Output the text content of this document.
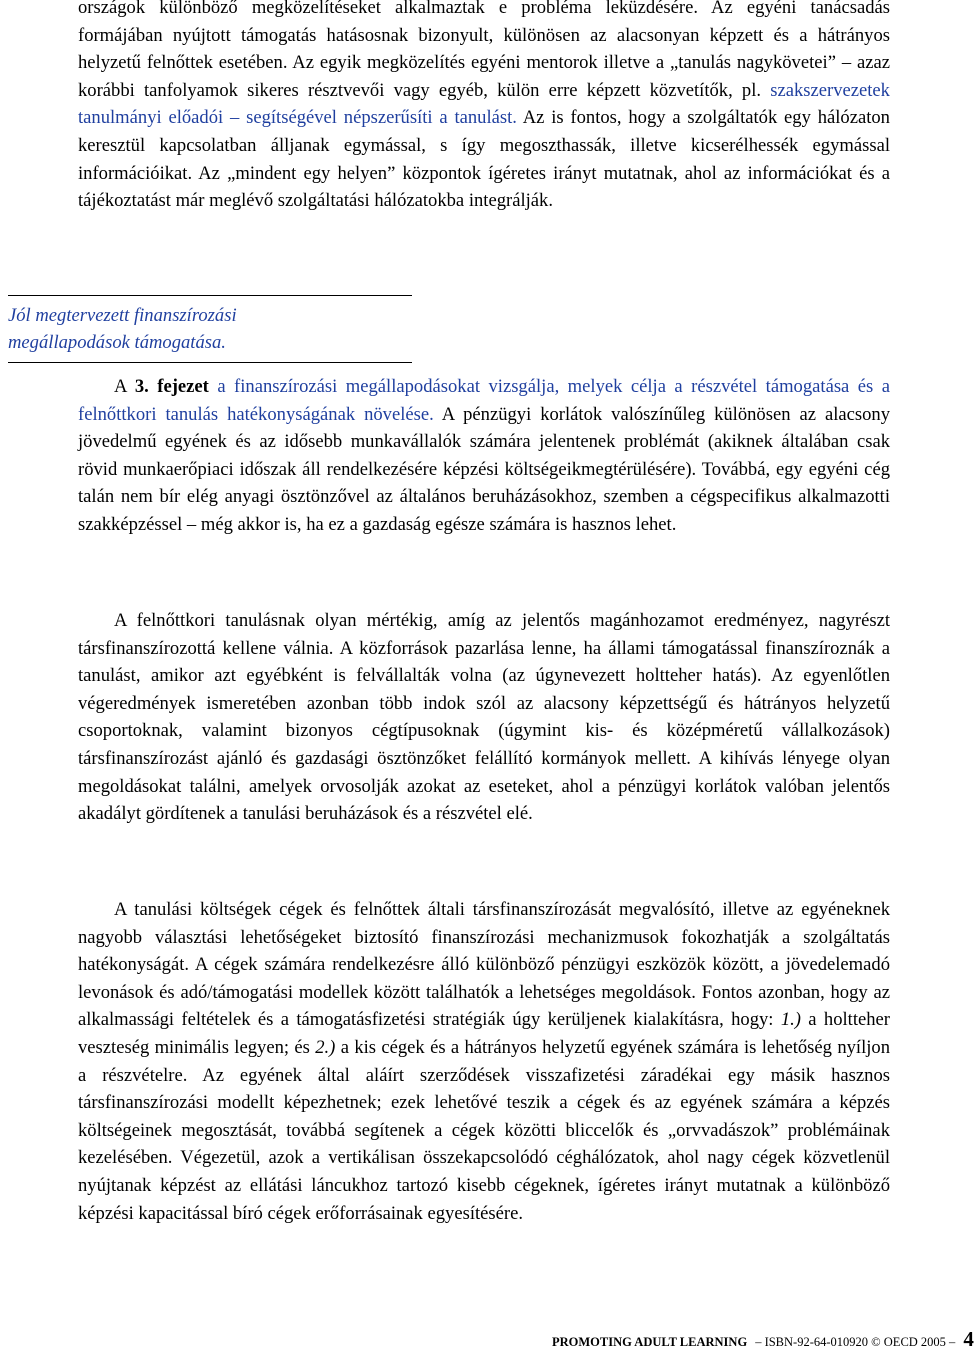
országok különböző megközelítéseket alkalmaztak e probléma leküzdésére. Az egyéni tanácsadás formájában nyújtott támogatás hatásosnak bizonyult, különösen az alacsonyan képzett és a hátrányos helyzetű felnőttek esetében. Az egyik megközelítés egyéni mentorok illetve a „tanulás nagykövetei” – azaz korábbi tanfolyamok sikeres résztvevői vagy egyéb, külön erre képzett közvetítők, pl. szakszervezetek tanulmányi előadói – segítségével népszerűsíti a tanulást. Az is fontos, hogy a szolgáltatók egy hálózaton keresztül kapcsolatban álljanak egymással, s így megoszthassák, illetve kicserélhessék egymással információikat. Az „mindent egy helyen” központok ígéretes irányt mutatnak, ahol az információkat és a tájékoztatást már meglévő szolgáltatási hálózatokba integrálják.

Jól megtervezett finanszírozási megállapodások támogatása.

A 3. fejezet a finanszírozási megállapodásokat vizsgálja, melyek célja a részvétel támogatása és a felnőttkori tanulás hatékonyságának növelése. A pénzügyi korlátok valószínűleg különösen az alacsony jövedelmű egyének és az idősebb munkavállalók számára jelentenek problémát (akiknek általában csak rövid munkaerőpiaci időszak áll rendelkezésére képzési költségeikmegtérülésére). Továbbá, egy egyéni cég talán nem bír elég anyagi ösztönzővel az általános beruházásokhoz, szemben a cégspecifikus alkalmazotti szakképzéssel – még akkor is, ha ez a gazdaság egésze számára is hasznos lehet.

A felnőttkori tanulásnak olyan mértékig, amíg az jelentős magánhozamot eredményez, nagyrészt társfinanszírozottá kellene válnia. A közforrások pazarlása lenne, ha állami támogatással finanszíroznák a tanulást, amikor azt egyébként is felvállalták volna (az úgynevezett holtteher hatás). Az egyenlőtlen végeredmények ismeretében azonban több indok szól az alacsony képzettségű és hátrányos helyzetű csoportoknak, valamint bizonyos cégtípusoknak (úgymint kis- és középméretű vállalkozások) társfinanszírozást ajánló és gazdasági ösztönzőket felállító kormányok mellett. A kihívás lényege olyan megoldásokat találni, amelyek orvosolják azokat az eseteket, ahol a pénzügyi korlátok valóban jelentős akadályt gördítenek a tanulási beruházások és a részvétel elé.

A tanulási költségek cégek és felnőttek általi társfinanszírozását megvalósító, illetve az egyéneknek nagyobb választási lehetőségeket biztosító finanszírozási mechanizmusok fokozhatják a szolgáltatás hatékonyságát. A cégek számára rendelkezésre álló különböző pénzügyi eszközök között, a jövedelemadó levonások és adó/támogatási modellek között találhatók a lehetséges megoldások. Fontos azonban, hogy az alkalmassági feltételek és a támogatásfizetési stratégiák úgy kerüljenek kialakításra, hogy: 1.) a holtteher veszteség minimális legyen; és 2.) a kis cégek és a hátrányos helyzetű egyének számára is lehetőség nyíljon a részvételre. Az egyének által aláírt szerződések visszafizetési záradékai egy másik hasznos társfinanszírozási modellt képezhetnek; ezek lehetővé teszik a cégek és az egyének számára a képzés költségeinek megosztását, továbbá segítenek a cégek közötti bliccelők és „orvvadászok” problémáinak kezelésében. Végezetül, azok a vertikálisan összekapcsolódó céghálózatok, ahol nagy cégek közvetlenül nyújtanak képzést az ellátási láncukhoz tartozó kisebb cégeknek, ígéretes irányt mutatnak a különböző képzési kapacitással bíró cégek erőforrásainak egyesítésére.

PROMOTING ADULT LEARNING – ISBN-92-64-010920 © OECD 2005 – 4
